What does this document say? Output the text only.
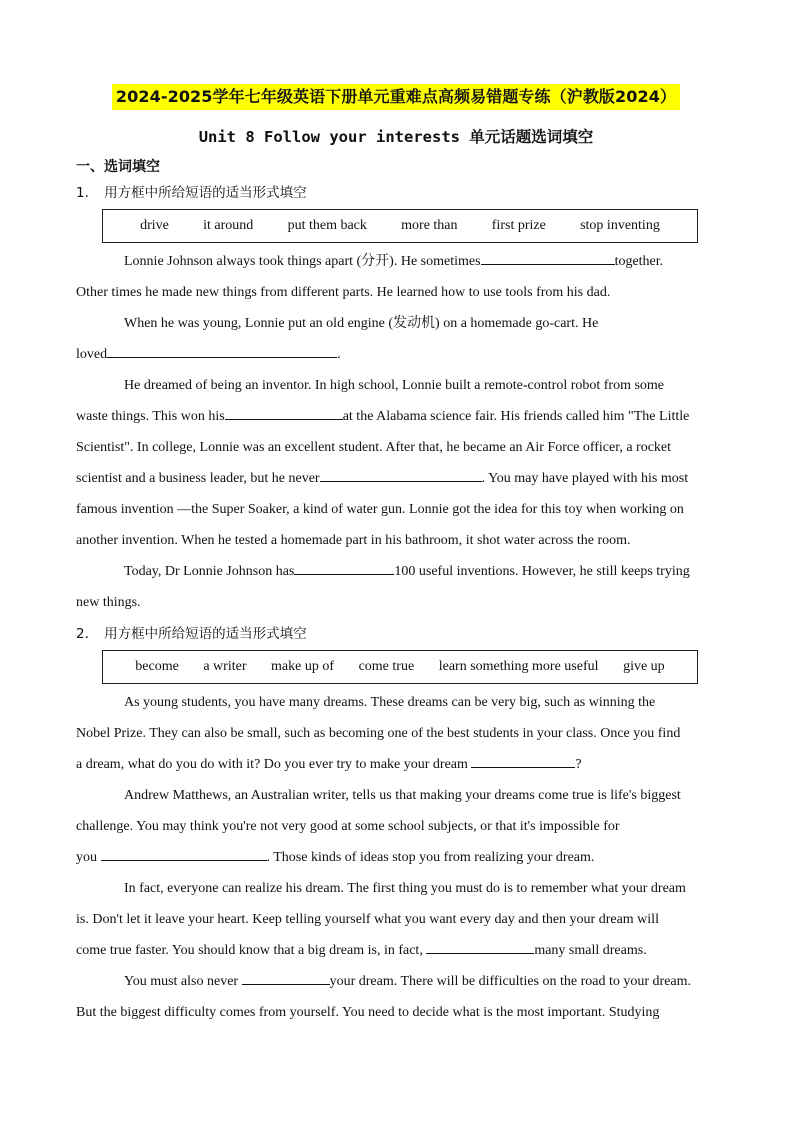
2024-2025学年七年级英语下册单元重难点高频易错题专练（沪教版2024）
Unit 8 Follow your interests 单元话题选词填空
一、选词填空
1． 用方框中所给短语的适当形式填空
drive it around put them back more than first prize stop inventing

Lonnie Johnson always took things apart (分开). He sometimes	together.

Other times he made new things from different parts. He learned how to use tools from his dad.

When he was young, Lonnie put an old engine (发动机) on a homemade go-cart. He

loved	.

He dreamed of being an inventor. In high school, Lonnie built a remote-control robot from some

waste things. This won his	at the Alabama science fair. His friends called him "The Little

Scientist". In college, Lonnie was an excellent student. After that, he became an Air Force officer, a rocket

scientist and a business leader, but he never	. You may have played with his most

famous invention —the Super Soaker, a kind of water gun. Lonnie got the idea for this toy when working on

another invention. When he tested a homemade part in his bathroom, it shot water across the room.

Today, Dr Lonnie Johnson has	100 useful inventions. However, he still keeps trying

new things.

2． 用方框中所给短语的适当形式填空
become a writer make up of come true learn something more useful give up

As young students, you have many dreams. These dreams can be very big, such as winning the

Nobel Prize. They can also be small, such as becoming one of the best students in your class. Once you find

a dream, what do you do with it? Do you ever try to make your dream	?

Andrew Matthews, an Australian writer, tells us that making your dreams come true is life's biggest

challenge. You may think you're not very good at some school subjects, or that it's impossible for

you	. Those kinds of ideas stop you from realizing your dream.

In fact, everyone can realize his dream. The first thing you must do is to remember what your dream

is. Don't let it leave your heart. Keep telling yourself what you want every day and then your dream will

come true faster. You should know that a big dream is, in fact,	many small dreams.

You must also never	your dream. There will be difficulties on the road to your dream.

But the biggest difficulty comes from yourself. You need to decide what is the most important. Studying
